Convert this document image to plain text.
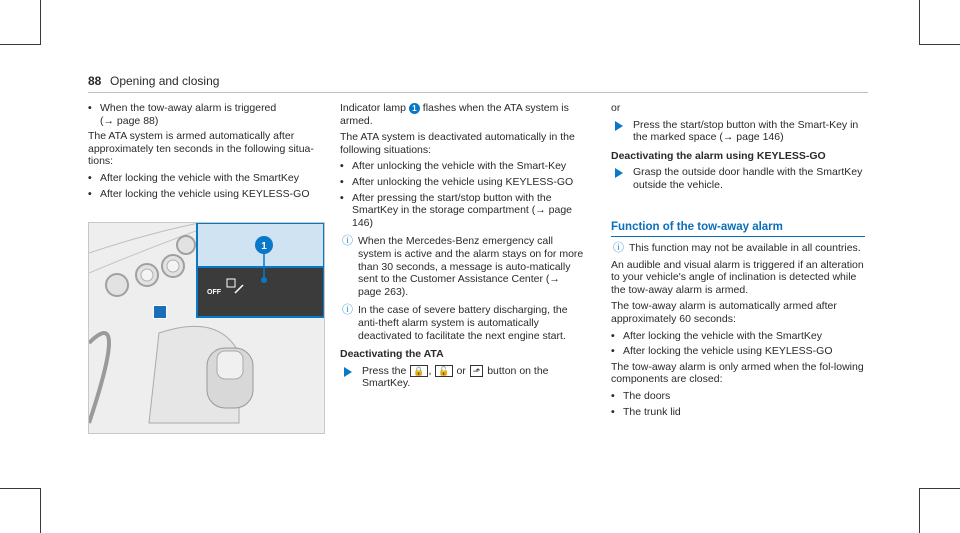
88 Opening and closing
• When the tow-away alarm is triggered
(→ page 88)

The ATA system is armed automatically after approximately ten seconds in the following situa-tions:

• After locking the vehicle with the SmartKey
• After locking the vehicle using KEYLESS-GO
OFF
1

Indicator lamp 1 flashes when the ATA system is armed.

The ATA system is deactivated automatically in the following situations:

• After unlocking the vehicle with the Smart-Key
• After unlocking the vehicle using KEYLESS-GO
• After pressing the start/stop button with the SmartKey in the storage compartment (→ page 146)
ⓘ When the Mercedes-Benz emergency call system is active and the alarm stays on for more than 30 seconds, a message is auto-matically sent to the Customer Assistance Center (→ page 263).
ⓘ In the case of severe battery discharging, the anti-theft alarm system is automatically deactivated to facilitate the next engine start.
Deactivating the ATA
Press the 🔒 , 🔓 or ⬏ button on the SmartKey.

or

Press the start/stop button with the Smart-Key in the marked space (→ page 146)
Deactivating the alarm using KEYLESS-GO
Grasp the outside door handle with the SmartKey outside the vehicle.
Function of the tow-away alarm
ⓘ This function may not be available in all countries.

An audible and visual alarm is triggered if an alteration to your vehicle's angle of inclination is detected while the tow-away alarm is armed.

The tow-away alarm is automatically armed after approximately 60 seconds:

• After locking the vehicle with the SmartKey
• After locking the vehicle using KEYLESS-GO

The tow-away alarm is only armed when the fol-lowing components are closed:

• The doors
• The trunk lid
